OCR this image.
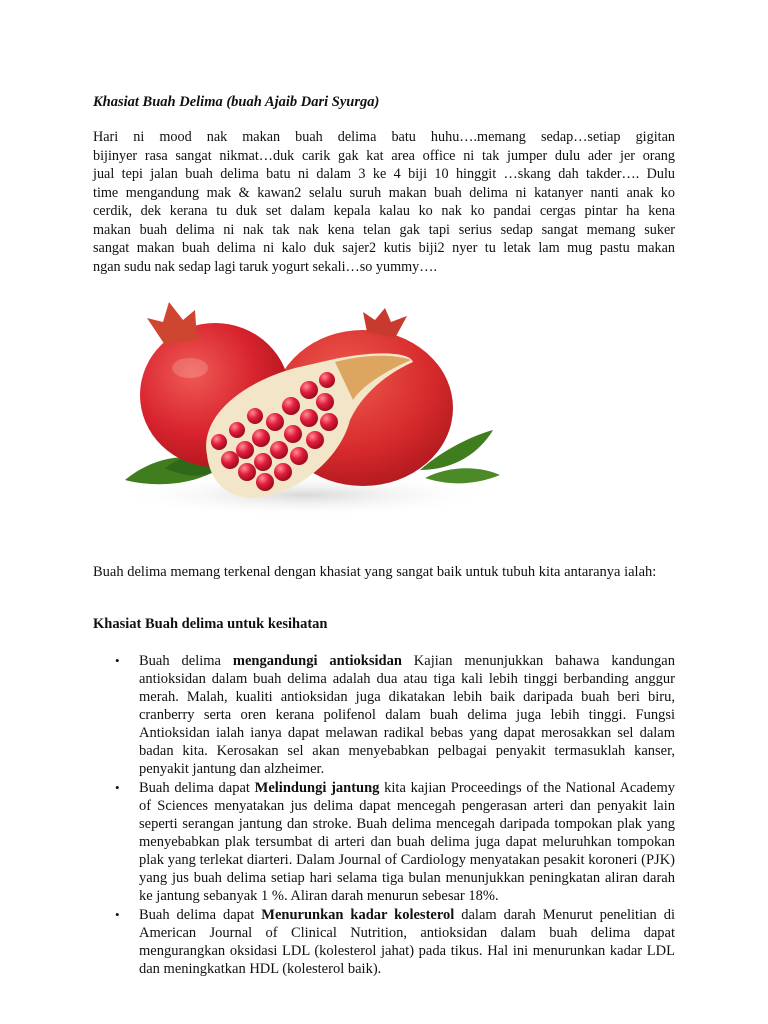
Khasiat Buah Delima (buah Ajaib Dari Syurga)

Hari ni mood nak makan buah delima batu huhu….memang sedap…setiap gigitan
bijinyer rasa sangat nikmat…duk carik gak kat area office ni tak jumper dulu ader jer orang
jual tepi jalan buah delima batu ni dalam 3 ke 4 biji 10 hinggit …skang dah takder…. Dulu
time mengandung mak & kawan2 selalu suruh makan buah delima ni katanyer nanti anak ko
cerdik, dek kerana tu duk set dalam kepala kalau ko nak ko pandai cergas pintar ha kena
makan buah delima ni nak tak nak kena telan gak tapi serius sedap sangat memang suker
sangat makan buah delima ni kalo duk sajer2 kutis biji2 nyer tu letak lam mug pastu makan
ngan sudu nak sedap lagi taruk yogurt sekali…so yummy….

Buah delima memang terkenal dengan khasiat yang sangat baik untuk tubuh kita antaranya ialah:

Khasiat Buah delima untuk kesihatan

• Buah delima mengandungi antioksidan Kajian menunjukkan bahawa kandungan antioksidan dalam buah delima adalah dua atau tiga kali lebih tinggi berbanding anggur merah. Malah, kualiti antioksidan juga dikatakan lebih baik daripada buah beri biru, cranberry serta oren kerana polifenol dalam buah delima juga lebih tinggi. Fungsi Antioksidan ialah ianya dapat melawan radikal bebas yang dapat merosakkan sel dalam badan kita. Kerosakan sel akan menyebabkan pelbagai penyakit termasuklah kanser, penyakit jantung dan alzheimer.
• Buah delima dapat Melindungi jantung kita kajian Proceedings of the National Academy of Sciences menyatakan jus delima dapat mencegah pengerasan arteri dan penyakit lain seperti serangan jantung dan stroke. Buah delima mencegah daripada tompokan plak yang menyebabkan plak tersumbat di arteri dan buah delima juga dapat meluruhkan tompokan plak yang terlekat diarteri. Dalam Journal of Cardiology menyatakan pesakit koroneri (PJK) yang jus buah delima setiap hari selama tiga bulan menunjukkan peningkatan aliran darah ke jantung sebanyak 1 %. Aliran darah menurun sebesar 18%.
• Buah delima dapat Menurunkan kadar kolesterol dalam darah Menurut penelitian di American Journal of Clinical Nutrition, antioksidan dalam buah delima dapat mengurangkan oksidasi LDL (kolesterol jahat) pada tikus. Hal ini menurunkan kadar LDL dan meningkatkan HDL (kolesterol baik).
